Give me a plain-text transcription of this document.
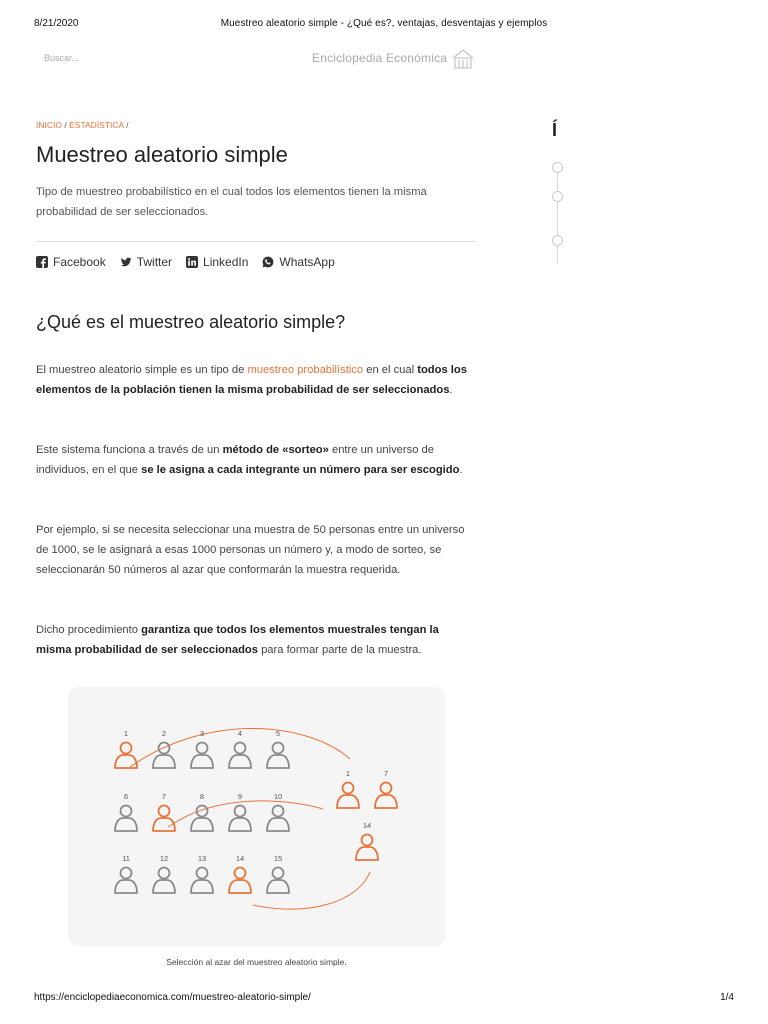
8/21/2020	Muestreo aleatorio simple - ¿Qué es?, ventajas, desventajas y ejemplos
Buscar...
Enciclopedia Económica
INICIO / ESTADÍSTICA /	Í
Muestreo aleatorio simple

Tipo de muestreo probabilístico en el cual todos los elementos tienen la misma probabilidad de ser seleccionados.

Facebook	Twitter	LinkedIn	WhatsApp
¿Qué es el muestreo aleatorio simple?

El muestreo aleatorio simple es un tipo de muestreo probabilístico en el cual todos los elementos de la población tienen la misma probabilidad de ser seleccionados.

Este sistema funciona a través de un método de «sorteo» entre un universo de individuos, en el que se le asigna a cada integrante un número para ser escogido.

Por ejemplo, si se necesita seleccionar una muestra de 50 personas entre un universo de 1000, se le asignará a esas 1000 personas un número y, a modo de sorteo, se seleccionarán 50 números al azar que conformarán la muestra requerida.

Dicho procedimiento garantiza que todos los elementos muestrales tengan la misma probabilidad de ser seleccionados para formar parte de la muestra.

1	2	3	4	5
6	7	8	9	10
11	12	13	14	15
1	7
14
Selección al azar del muestreo aleatorio simple.
https://enciclopediaeconomica.com/muestreo-aleatorio-simple/	1/4
